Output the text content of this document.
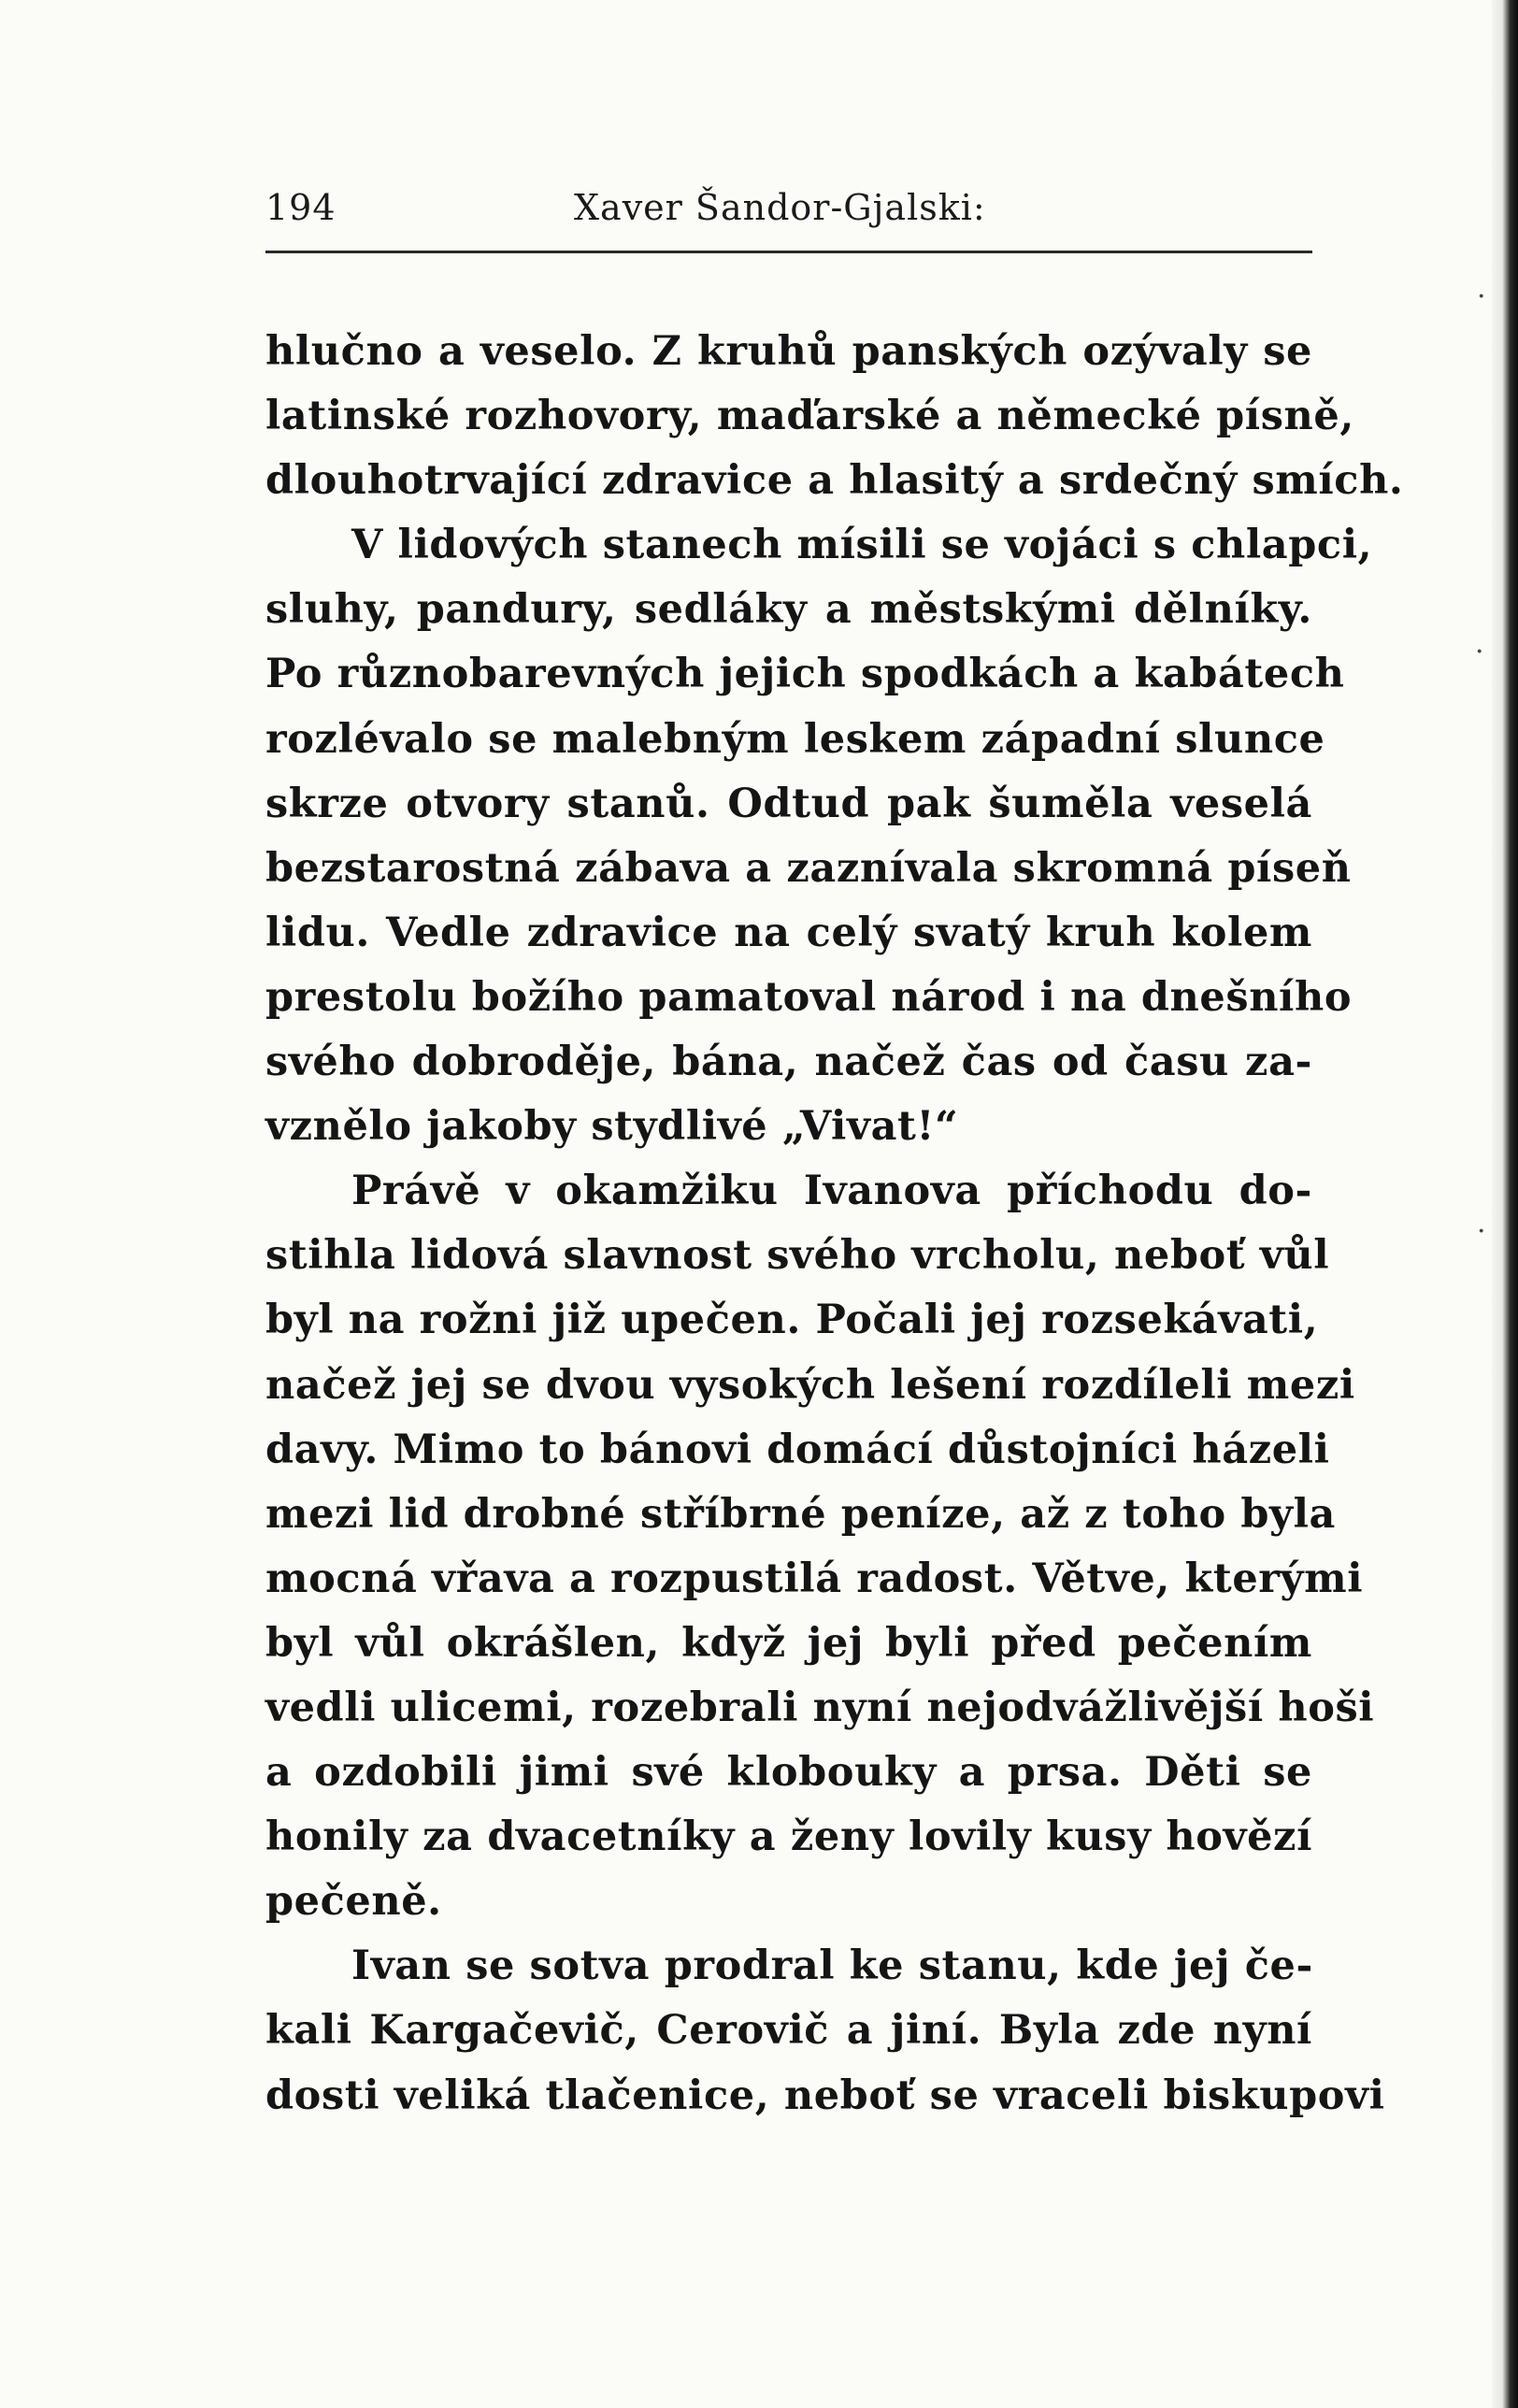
194	Xaver Šandor-Gjalski:
hlučno a veselo. Z kruhů panských ozývaly se
latinské rozhovory, maďarské a německé písně,
dlouhotrvající zdravice a hlasitý a srdečný smích.
V lidových stanech mísili se vojáci s chlapci,
sluhy, pandury, sedláky a městskými dělníky.
Po různobarevných jejich spodkách a kabátech
rozlévalo se malebným leskem západní slunce
skrze otvory stanů. Odtud pak šuměla veselá
bezstarostná zábava a zaznívala skromná píseň
lidu. Vedle zdravice na celý svatý kruh kolem
prestolu božího pamatoval národ i na dnešního
svého dobroděje, bána, načež čas od času za-
vznělo jakoby stydlivé „Vivat!“
Právě v okamžiku Ivanova příchodu do-
stihla lidová slavnost svého vrcholu, neboť vůl
byl na rožni již upečen. Počali jej rozsekávati,
načež jej se dvou vysokých lešení rozdíleli mezi
davy. Mimo to bánovi domácí důstojníci házeli
mezi lid drobné stříbrné peníze, až z toho byla
mocná vřava a rozpustilá radost. Větve, kterými
byl vůl okrášlen, když jej byli před pečením
vedli ulicemi, rozebrali nyní nejodvážlivější hoši
a ozdobili jimi své klobouky a prsa. Děti se
honily za dvacetníky a ženy lovily kusy hovězí
pečeně.
Ivan se sotva prodral ke stanu, kde jej če-
kali Kargačevič, Cerovič a jiní. Byla zde nyní
dosti veliká tlačenice, neboť se vraceli biskupovi
·
·
·
